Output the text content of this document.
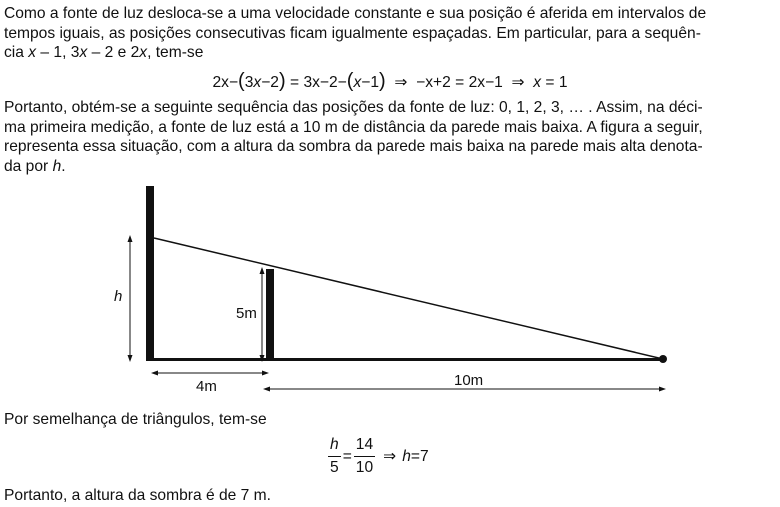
Como a fonte de luz desloca-se a uma velocidade constante e sua posição é aferida em intervalos de
tempos iguais, as posições consecutivas ficam igualmente espaçadas. Em particular, para a sequên-
cia x – 1, 3x – 2 e 2x, tem-se

2x−(3x−2) = 3x−2−(x−1) ⇒ −x+2 = 2x−1 ⇒ x = 1

Portanto, obtém-se a seguinte sequência das posições da fonte de luz: 0, 1, 2, 3, … . Assim, na déci-
ma primeira medição, a fonte de luz está a 10 m de distância da parede mais baixa. A figura a seguir,
representa essa situação, com a altura da sombra da parede mais baixa na parede mais alta denota-
da por h.

h
5m
4m	10m

Por semelhança de triângulos, tem-se

$\frac{h}{5} = \frac{14}{10}$ ⇒ h =7

Portanto, a altura da sombra é de 7 m.
